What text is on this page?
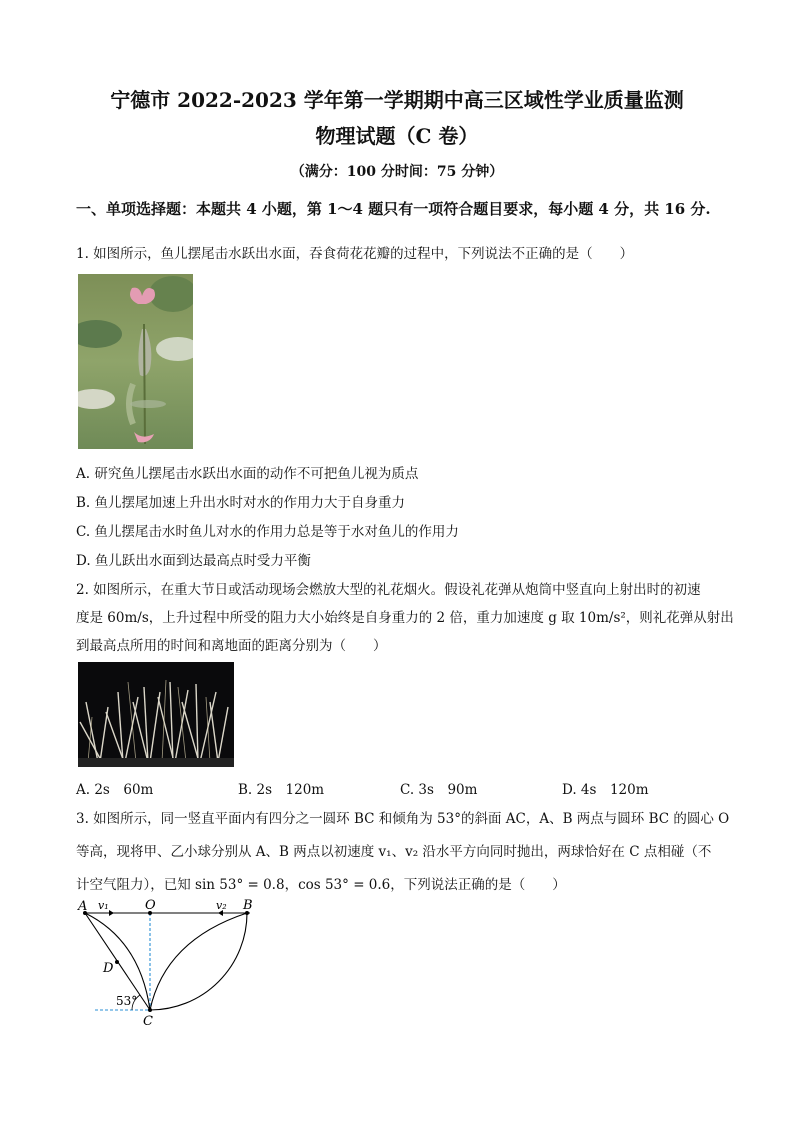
宁德市 2022-2023 学年第一学期期中高三区域性学业质量监测
物理试题（C 卷）
（满分：100 分时间：75 分钟）
一、单项选择题：本题共 4 小题，第 1～4 题只有一项符合题目要求，每小题 4 分，共 16 分.
1. 如图所示，鱼儿摆尾击水跃出水面，吞食荷花花瓣的过程中，下列说法不正确的是（　　）
A. 研究鱼儿摆尾击水跃出水面的动作不可把鱼儿视为质点
B. 鱼儿摆尾加速上升出水时对水的作用力大于自身重力
C. 鱼儿摆尾击水时鱼儿对水的作用力总是等于水对鱼儿的作用力
D. 鱼儿跃出水面到达最高点时受力平衡
2. 如图所示，在重大节日或活动现场会燃放大型的礼花烟火。假设礼花弹从炮筒中竖直向上射出时的初速
度是 60m/s，上升过程中所受的阻力大小始终是自身重力的 2 倍，重力加速度 g 取 10m/s²，则礼花弹从射出
到最高点所用的时间和离地面的距离分别为（　　）
A. 2s　60m	B. 2s　120m	C. 3s　90m	D. 4s　120m
3. 如图所示，同一竖直平面内有四分之一圆环 BC 和倾角为 53°的斜面 AC，A、B 两点与圆环 BC 的圆心 O
等高，现将甲、乙小球分别从 A、B 两点以初速度 v₁、v₂ 沿水平方向同时抛出，两球恰好在 C 点相碰（不
计空气阻力），已知 sin 53° = 0.8，cos 53° = 0.6，下列说法正确的是（　　）
A v₁	O	v₂ B
D
53°
C
